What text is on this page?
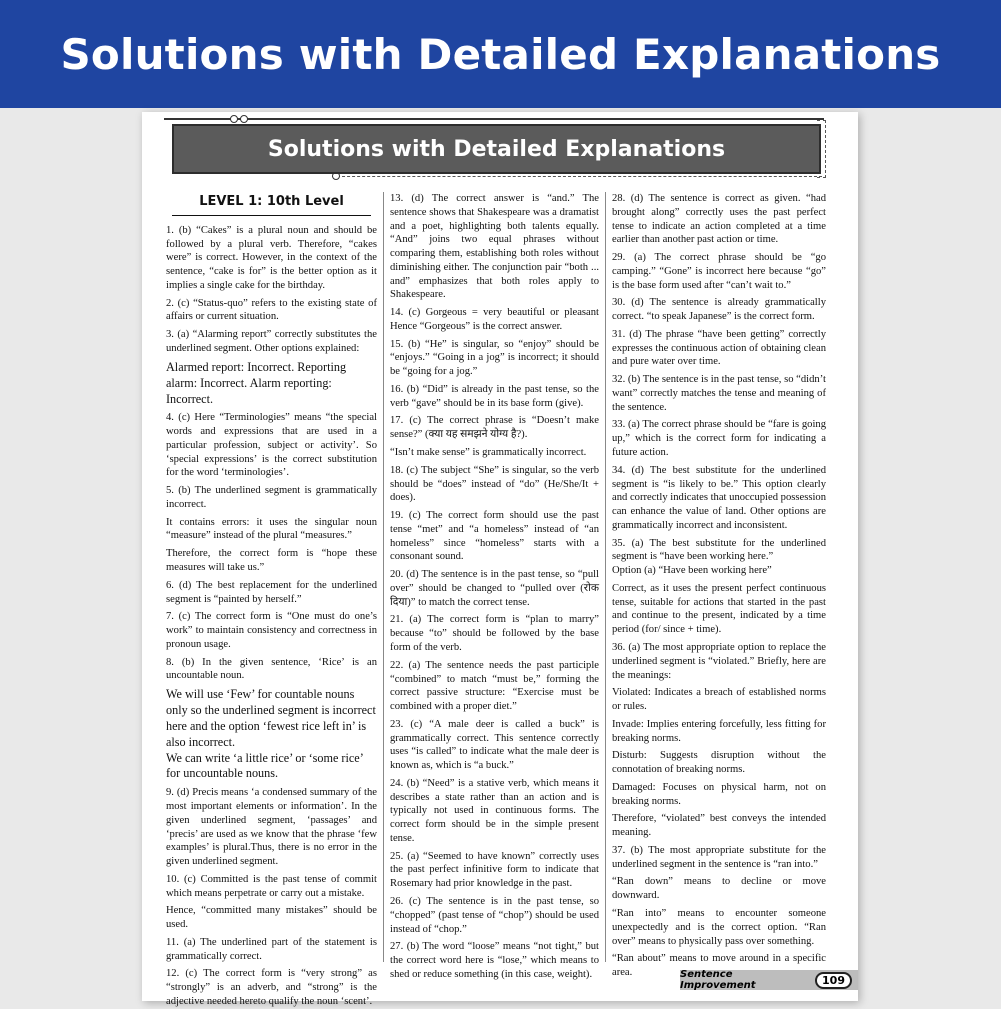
Solutions with Detailed Explanations
Solutions with Detailed Explanations
LEVEL 1: 10th Level

1. (b) “Cakes” is a plural noun and should be followed by a plural verb. Therefore, “cakes were” is correct. However, in the context of the sentence, “cake is for” is the better option as it implies a single cake for the birthday.

2. (c) “Status-quo” refers to the existing state of affairs or current situation.

3. (a) “Alarming report” correctly substitutes the underlined segment. Other options explained:

Alarmed report: Incorrect. Reporting alarm: Incorrect. Alarm reporting: Incorrect.

4. (c) Here “Terminologies” means “the special words and expressions that are used in a particular profession, subject or activity’. So ‘special expressions’ is the correct substitution for the word ‘terminologies’.

5. (b) The underlined segment is grammatically incorrect.

It contains errors: it uses the singular noun “measure” instead of the plural “measures.”

Therefore, the correct form is “hope these measures will take us.”

6. (d) The best replacement for the underlined segment is “painted by herself.”

7. (c) The correct form is “One must do one’s work” to maintain consistency and correctness in pronoun usage.

8. (b) In the given sentence, ‘Rice’ is an uncountable noun.

We will use ‘Few’ for countable nouns only so the underlined segment is incorrect here and the option ‘fewest rice left in’ is also incorrect.

We can write ‘a little rice’ or ‘some rice’ for uncountable nouns.

9. (d) Precis means ‘a condensed summary of the most important elements or information’. In the given underlined segment, ‘passages’ and ‘precis’ are used as we know that the phrase ‘few examples’ is plural.Thus, there is no error in the given underlined segment.

10. (c) Committed is the past tense of commit which means perpetrate or carry out a mistake.

Hence, “committed many mistakes” should be used.

11. (a) The underlined part of the statement is grammatically correct.

12. (c) The correct form is “very strong” as “strongly” is an adverb, and “strong” is the adjective needed hereto qualify the noun ‘scent’.

13. (d) The correct answer is “and.” The sentence shows that Shakespeare was a dramatist and a poet, highlighting both talents equally. “And” joins two equal phrases without comparing them, establishing both roles without diminishing either. The conjunction pair “both ... and” emphasizes that both roles apply to Shakespeare.

14. (c) Gorgeous = very beautiful or pleasant Hence “Gorgeous” is the correct answer.

15. (b) “He” is singular, so “enjoy” should be “enjoys.” “Going in a jog” is incorrect; it should be “going for a jog.”

16. (b) “Did” is already in the past tense, so the verb “gave” should be in its base form (give).

17. (c) The correct phrase is “Doesn’t make sense?” (क्या यह समझने योग्य है?).

“Isn’t make sense” is grammatically incorrect.

18. (c) The subject “She” is singular, so the verb should be “does” instead of “do” (He/She/It + does).

19. (c) The correct form should use the past tense “met” and “a homeless” instead of “an homeless” since “homeless” starts with a consonant sound.

20. (d) The sentence is in the past tense, so “pull over” should be changed to “pulled over (रोक दिया)” to match the correct tense.

21. (a) The correct form is “plan to marry” because “to” should be followed by the base form of the verb.

22. (a) The sentence needs the past participle “combined” to match “must be,” forming the correct passive structure: “Exercise must be combined with a proper diet.”

23. (c) “A male deer is called a buck” is grammatically correct. This sentence correctly uses “is called” to indicate what the male deer is known as, which is “a buck.”

24. (b) “Need” is a stative verb, which means it describes a state rather than an action and is typically not used in continuous forms. The correct form should be in the simple present tense.

25. (a) “Seemed to have known” correctly uses the past perfect infinitive form to indicate that Rosemary had prior knowledge in the past.

26. (c) The sentence is in the past tense, so “chopped” (past tense of “chop”) should be used instead of “chop.”

27. (b) The word “loose” means “not tight,” but the correct word here is “lose,” which means to shed or reduce something (in this case, weight).

28. (d) The sentence is correct as given. “had brought along” correctly uses the past perfect tense to indicate an action completed at a time earlier than another past action or time.

29. (a) The correct phrase should be “go camping.” “Gone” is incorrect here because “go” is the base form used after “can’t wait to.”

30. (d) The sentence is already grammatically correct. “to speak Japanese” is the correct form.

31. (d) The phrase “have been getting” correctly expresses the continuous action of obtaining clean and pure water over time.

32. (b) The sentence is in the past tense, so “didn’t want” correctly matches the tense and meaning of the sentence.

33. (a) The correct phrase should be “fare is going up,” which is the correct form for indicating a future action.

34. (d) The best substitute for the underlined segment is “is likely to be.” This option clearly and correctly indicates that unoccupied possession can enhance the value of land. Other options are grammatically incorrect and inconsistent.

35. (a) The best substitute for the underlined segment is “have been working here.”

Option (a) “Have been working here”

Correct, as it uses the present perfect continuous tense, suitable for actions that started in the past and continue to the present, indicated by a time period (for/ since + time).

36. (a) The most appropriate option to replace the underlined segment is “violated.” Briefly, here are the meanings:

Violated: Indicates a breach of established norms or rules.

Invade: Implies entering forcefully, less fitting for breaking norms.

Disturb: Suggests disruption without the connotation of breaking norms.

Damaged: Focuses on physical harm, not on breaking norms.

Therefore, “violated” best conveys the intended meaning.

37. (b) The most appropriate substitute for the underlined segment in the sentence is “ran into.”

“Ran down” means to decline or move downward.

“Ran into” means to encounter someone unexpectedly and is the correct option. “Ran over” means to physically pass over something.

“Ran about” means to move around in a specific area.	Sentence Improvement	109
